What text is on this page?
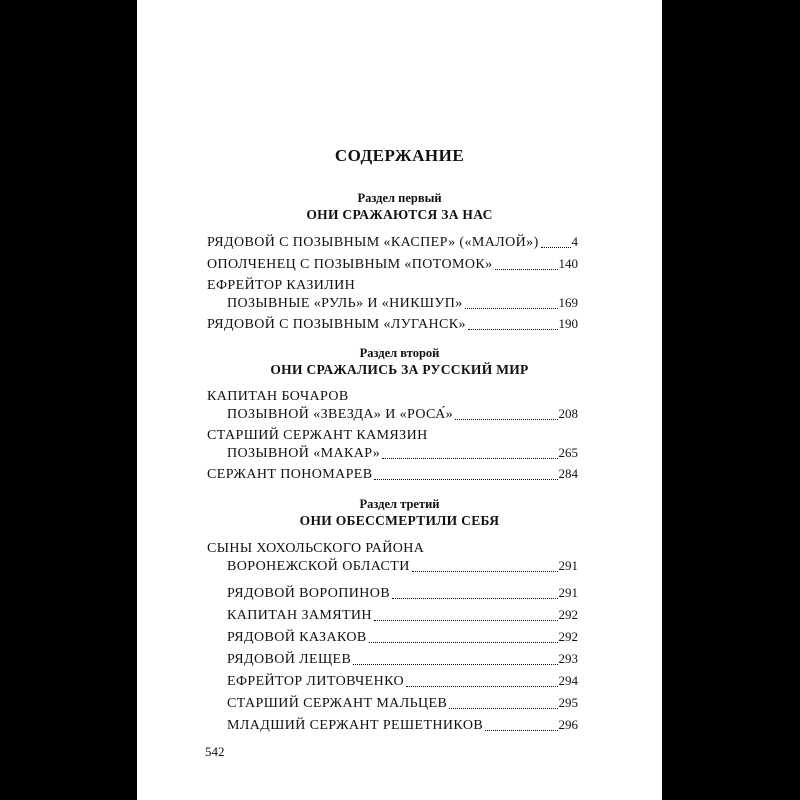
СОДЕРЖАНИЕ
Раздел первый
ОНИ СРАЖАЮТСЯ ЗА НАС
РЯДОВОЙ С ПОЗЫВНЫМ «КАСПЕР» («МАЛОЙ»)	4
ОПОЛЧЕНЕЦ С ПОЗЫВНЫМ «ПОТОМОК»	140
ЕФРЕЙТОР КАЗИЛИН
ПОЗЫВНЫЕ «РУЛЬ» И «НИКШУП»	169
РЯДОВОЙ С ПОЗЫВНЫМ «ЛУГАНСК»	190
Раздел второй
ОНИ СРАЖАЛИСЬ ЗА РУССКИЙ МИР
КАПИТАН БОЧАРОВ
ПОЗЫВНОЙ «ЗВЕЗДА» И «РОСА́»	208
СТАРШИЙ СЕРЖАНТ КАМЯЗИН
ПОЗЫВНОЙ «МАКАР»	265
СЕРЖАНТ ПОНОМАРЕВ	284
Раздел третий
ОНИ ОБЕССМЕРТИЛИ СЕБЯ
СЫНЫ ХОХОЛЬСКОГО РАЙОНА
ВОРОНЕЖСКОЙ ОБЛАСТИ	291
РЯДОВОЙ ВОРОПИНОВ	291
КАПИТАН ЗАМЯТИН	292
РЯДОВОЙ КАЗАКОВ	292
РЯДОВОЙ ЛЕЩЕВ	293
ЕФРЕЙТОР ЛИТОВЧЕНКО	294
СТАРШИЙ СЕРЖАНТ МАЛЬЦЕВ	295
МЛАДШИЙ СЕРЖАНТ РЕШЕТНИКОВ	296
542
